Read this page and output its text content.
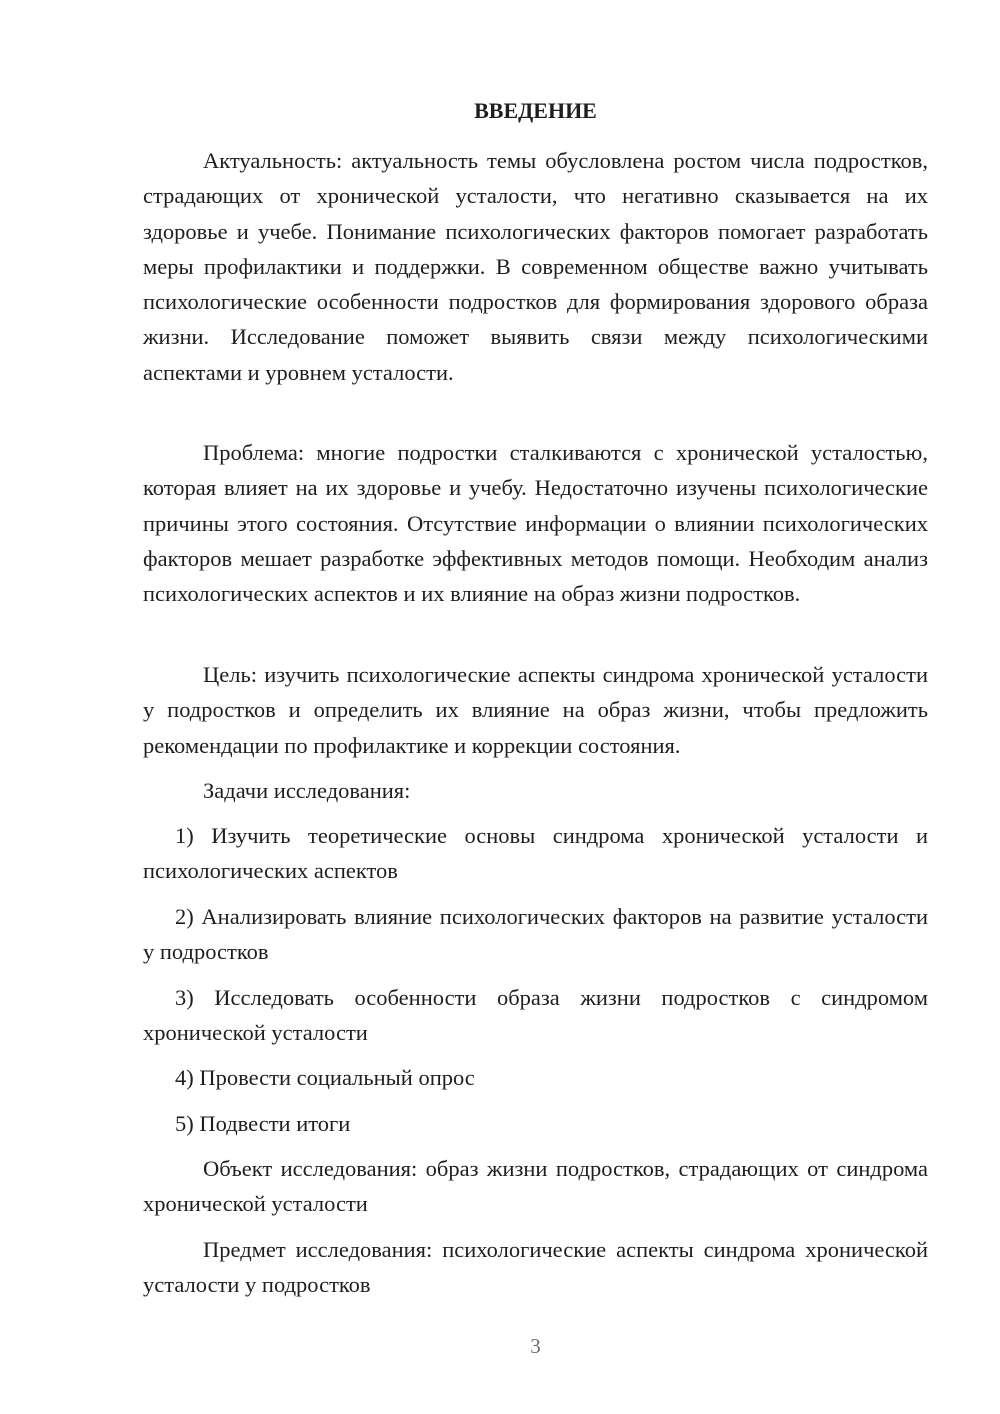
ВВЕДЕНИЕ

Актуальность: актуальность темы обусловлена ростом числа подростков, страдающих от хронической усталости, что негативно сказывается на их здоровье и учебе. Понимание психологических факторов помогает разработать меры профилактики и поддержки. В современном обществе важно учитывать психологические особенности подростков для формирования здорового образа жизни. Исследование поможет выявить связи между психологическими аспектами и уровнем усталости.

Проблема: многие подростки сталкиваются с хронической усталостью, которая влияет на их здоровье и учебу. Недостаточно изучены психологические причины этого состояния. Отсутствие информации о влиянии психологических факторов мешает разработке эффективных методов помощи. Необходим анализ психологических аспектов и их влияние на образ жизни подростков.

Цель: изучить психологические аспекты синдрома хронической усталости у подростков и определить их влияние на образ жизни, чтобы предложить рекомендации по профилактике и коррекции состояния.

Задачи исследования:

1) Изучить теоретические основы синдрома хронической усталости и психологических аспектов

2) Анализировать влияние психологических факторов на развитие усталости у подростков

3) Исследовать особенности образа жизни подростков с синдромом хронической усталости

4) Провести социальный опрос

5) Подвести итоги

Объект исследования: образ жизни подростков, страдающих от синдрома хронической усталости

Предмет исследования: психологические аспекты синдрома хронической усталости у подростков

3
